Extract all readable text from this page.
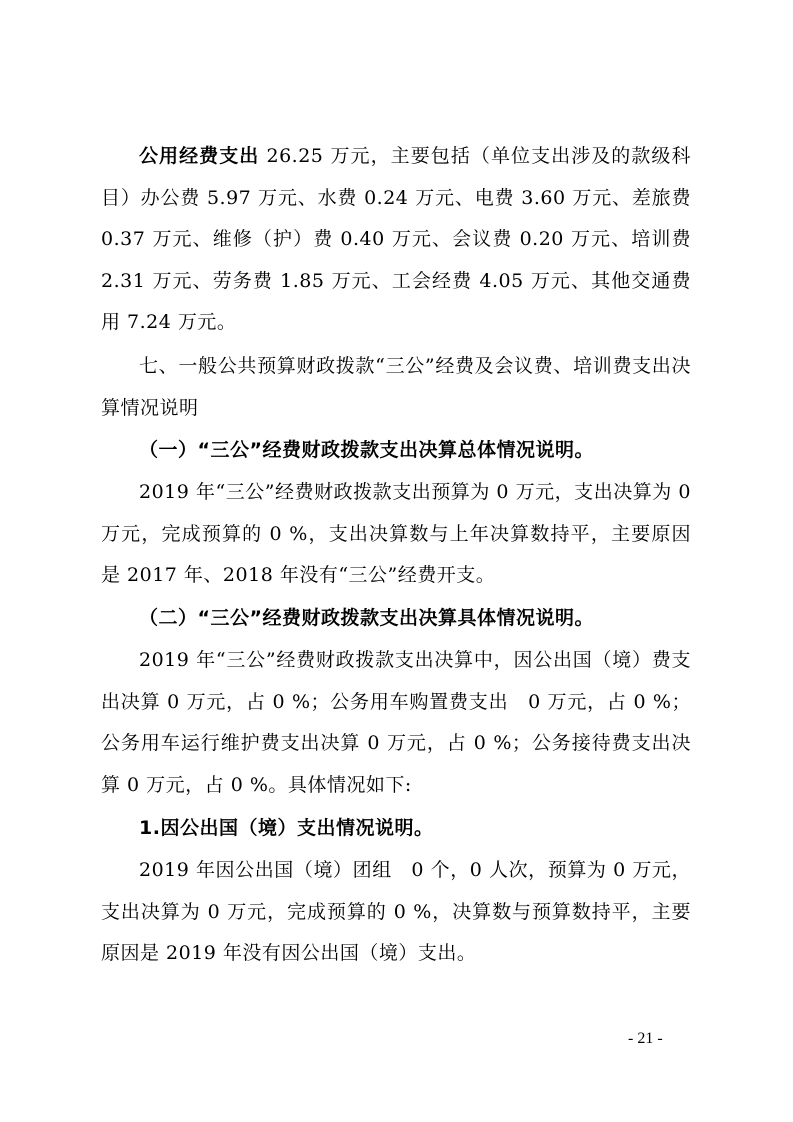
公用经费支出 26.25 万元，主要包括（单位支出涉及的款级科目）办公费 5.97 万元、水费 0.24 万元、电费 3.60 万元、差旅费 0.37 万元、维修（护）费 0.40 万元、会议费 0.20 万元、培训费 2.31 万元、劳务费 1.85 万元、工会经费 4.05 万元、其他交通费用 7.24 万元。

七、一般公共预算财政拨款“三公”经费及会议费、培训费支出决算情况说明

（一）“三公”经费财政拨款支出决算总体情况说明。

2019 年“三公”经费财政拨款支出预算为 0 万元，支出决算为 0 万元，完成预算的 0 %，支出决算数与上年决算数持平，主要原因是 2017 年、2018 年没有“三公”经费开支。

（二）“三公”经费财政拨款支出决算具体情况说明。

2019 年“三公”经费财政拨款支出决算中，因公出国（境）费支出决算 0 万元，占 0 %；公务用车购置费支出　0 万元，占 0 %；公务用车运行维护费支出决算 0 万元，占 0 %；公务接待费支出决算 0 万元，占 0 %。具体情况如下:

1.因公出国（境）支出情况说明。

2019 年因公出国（境）团组　0 个，0 人次，预算为 0 万元，支出决算为 0 万元，完成预算的 0 %，决算数与预算数持平，主要原因是 2019 年没有因公出国（境）支出。

- 21 -
